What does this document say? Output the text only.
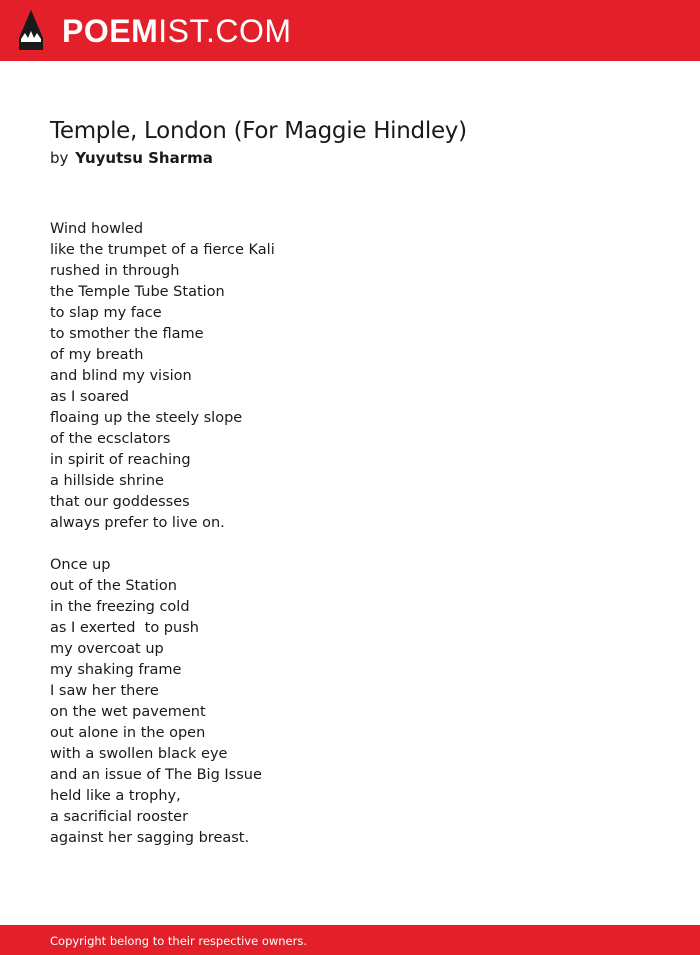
POEMIST.COM
Temple, London (For Maggie Hindley)
by Yuyutsu Sharma
Wind howled
like the trumpet of a fierce Kali
rushed in through
the Temple Tube Station
to slap my face
to smother the flame
of my breath
and blind my vision
as I soared
floaing up the steely slope
of the ecsclators
in spirit of reaching
a hillside shrine
that our goddesses
always prefer to live on.
Once up
out of the Station
in the freezing cold
as I exerted  to push
my overcoat up
my shaking frame
I saw her there
on the wet pavement
out alone in the open
with a swollen black eye
and an issue of The Big Issue
held like a trophy,
a sacrificial rooster
against her sagging breast.
Copyright belong to their respective owners.
